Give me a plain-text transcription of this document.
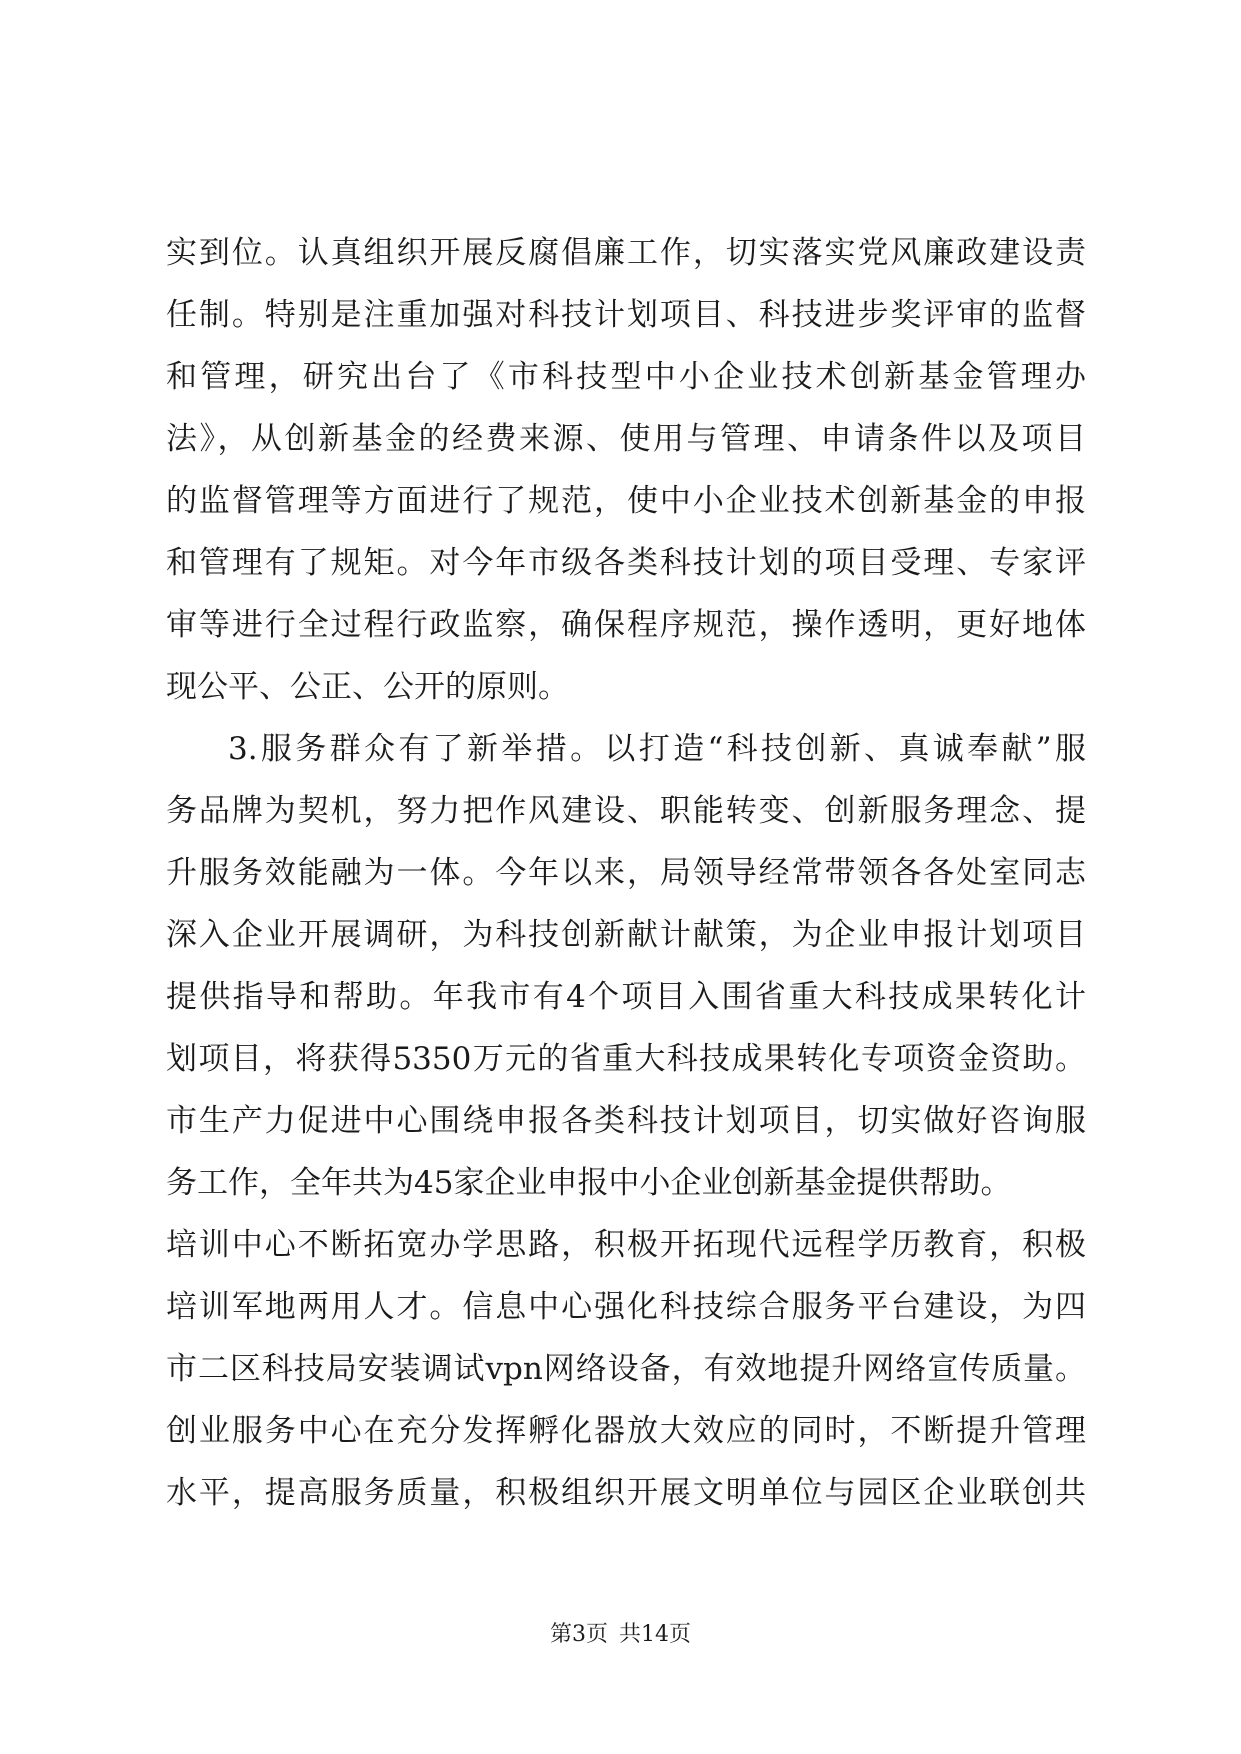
实到位。认真组织开展反腐倡廉工作，切实落实党风廉政建设责
任制。特别是注重加强对科技计划项目、科技进步奖评审的监督
和管理，研究出台了《市科技型中小企业技术创新基金管理办
法》，从创新基金的经费来源、使用与管理、申请条件以及项目
的监督管理等方面进行了规范，使中小企业技术创新基金的申报
和管理有了规矩。对今年市级各类科技计划的项目受理、专家评
审等进行全过程行政监察，确保程序规范，操作透明，更好地体
现公平、公正、公开的原则。
3.服务群众有了新举措。以打造“科技创新、真诚奉献”服
务品牌为契机，努力把作风建设、职能转变、创新服务理念、提
升服务效能融为一体。今年以来，局领导经常带领各各处室同志
深入企业开展调研，为科技创新献计献策，为企业申报计划项目
提供指导和帮助。年我市有4个项目入围省重大科技成果转化计
划项目，将获得5350万元的省重大科技成果转化专项资金资助。
市生产力促进中心围绕申报各类科技计划项目，切实做好咨询服
务工作，全年共为45家企业申报中小企业创新基金提供帮助。
培训中心不断拓宽办学思路，积极开拓现代远程学历教育，积极
培训军地两用人才。信息中心强化科技综合服务平台建设，为四
市二区科技局安装调试vpn网络设备，有效地提升网络宣传质量。
创业服务中心在充分发挥孵化器放大效应的同时，不断提升管理
水平，提高服务质量，积极组织开展文明单位与园区企业联创共
第3页 共14页
